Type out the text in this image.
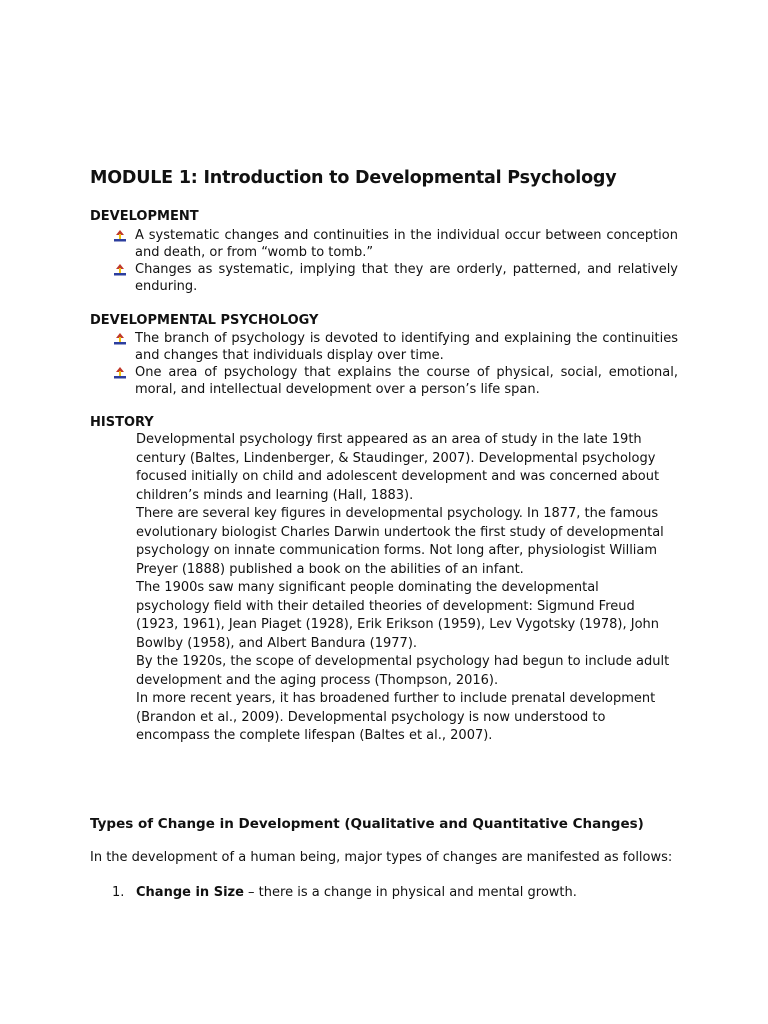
MODULE 1: Introduction to Developmental Psychology
DEVELOPMENT
A systematic changes and continuities in the individual occur between conception and death, or from “womb to tomb.”
Changes as systematic, implying that they are orderly, patterned, and relatively enduring.
DEVELOPMENTAL PSYCHOLOGY
The branch of psychology is devoted to identifying and explaining the continuities and changes that individuals display over time.
One area of psychology that explains the course of physical, social, emotional, moral, and intellectual development over a person’s life span.
HISTORY

Developmental psychology first appeared as an area of study in the late 19th century (Baltes, Lindenberger, & Staudinger, 2007). Developmental psychology focused initially on child and adolescent development and was concerned about children’s minds and learning (Hall, 1883).

There are several key figures in developmental psychology. In 1877, the famous evolutionary biologist Charles Darwin undertook the first study of developmental psychology on innate communication forms. Not long after, physiologist William Preyer (1888) published a book on the abilities of an infant.

The 1900s saw many significant people dominating the developmental psychology field with their detailed theories of development: Sigmund Freud (1923, 1961), Jean Piaget (1928), Erik Erikson (1959), Lev Vygotsky (1978), John Bowlby (1958), and Albert Bandura (1977).

By the 1920s, the scope of developmental psychology had begun to include adult development and the aging process (Thompson, 2016).

In more recent years, it has broadened further to include prenatal development (Brandon et al., 2009). Developmental psychology is now understood to encompass the complete lifespan (Baltes et al., 2007).

Types of Change in Development (Qualitative and Quantitative Changes)
In the development of a human being, major types of changes are manifested as follows:
1. Change in Size – there is a change in physical and mental growth.
